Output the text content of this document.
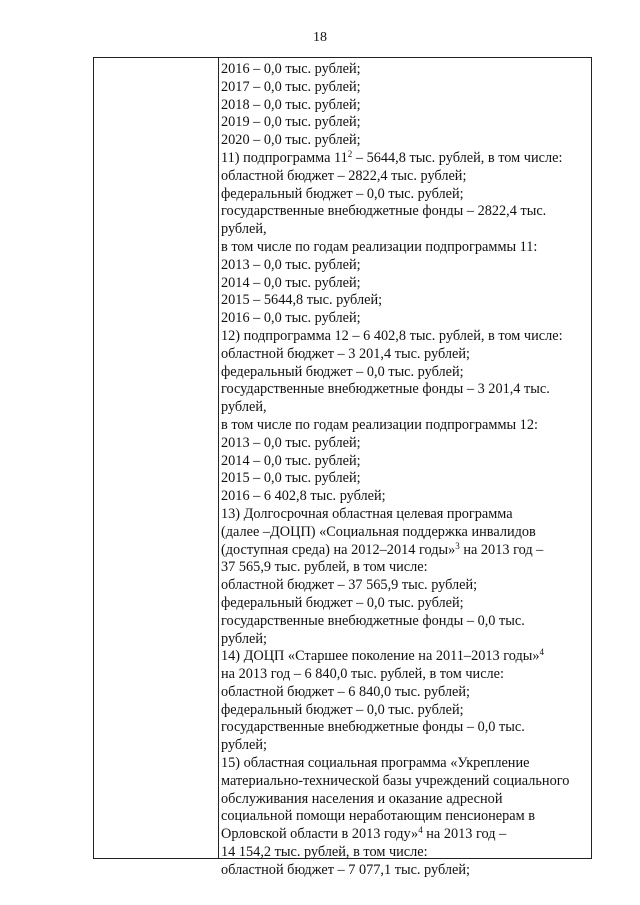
18
2016 – 0,0 тыс. рублей;
2017 – 0,0 тыс. рублей;
2018 – 0,0 тыс. рублей;
2019 – 0,0 тыс. рублей;
2020 – 0,0 тыс. рублей;
11) подпрограмма $11^2 - 5644,8$ тыс. рублей, в том числе:
областной бюджет – 2822,4 тыс. рублей;
федеральный бюджет – 0,0 тыс. рублей;
государственные внебюджетные фонды – 2822,4 тыс.
рублей,
в том числе по годам реализации подпрограммы 11:
2013 – 0,0 тыс. рублей;
2014 – 0,0 тыс. рублей;
2015 – 5644,8 тыс. рублей;
2016 – 0,0 тыс. рублей;
12) подпрограмма 12 – 6 402,8 тыс. рублей, в том числе:
областной бюджет – 3 201,4 тыс. рублей;
федеральный бюджет – 0,0 тыс. рублей;
государственные внебюджетные фонды – 3 201,4 тыс.
рублей,
в том числе по годам реализации подпрограммы 12:
2013 – 0,0 тыс. рублей;
2014 – 0,0 тыс. рублей;
2015 – 0,0 тыс. рублей;
2016 – 6 402,8 тыс. рублей;
13) Долгосрочная областная целевая программа
(далее –ДОЦП) «Социальная поддержка инвалидов
(доступная среда) на 2012–2014 годы»$^3$ на 2013 год –
37 565,9 тыс. рублей, в том числе:
областной бюджет – 37 565,9 тыс. рублей;
федеральный бюджет – 0,0 тыс. рублей;
государственные внебюджетные фонды – 0,0 тыс.
рублей;
14) ДОЦП «Старшее поколение на 2011–2013 годы»$^4$
на 2013 год – 6 840,0 тыс. рублей, в том числе:
областной бюджет – 6 840,0 тыс. рублей;
федеральный бюджет – 0,0 тыс. рублей;
государственные внебюджетные фонды – 0,0 тыс.
рублей;
15) областная социальная программа «Укрепление
материально-технической базы учреждений социального
обслуживания населения и оказание адресной
социальной помощи неработающим пенсионерам в
Орловской области в 2013 году»$^4$ на 2013 год –
14 154,2 тыс. рублей, в том числе:
областной бюджет – 7 077,1 тыс. рублей;
